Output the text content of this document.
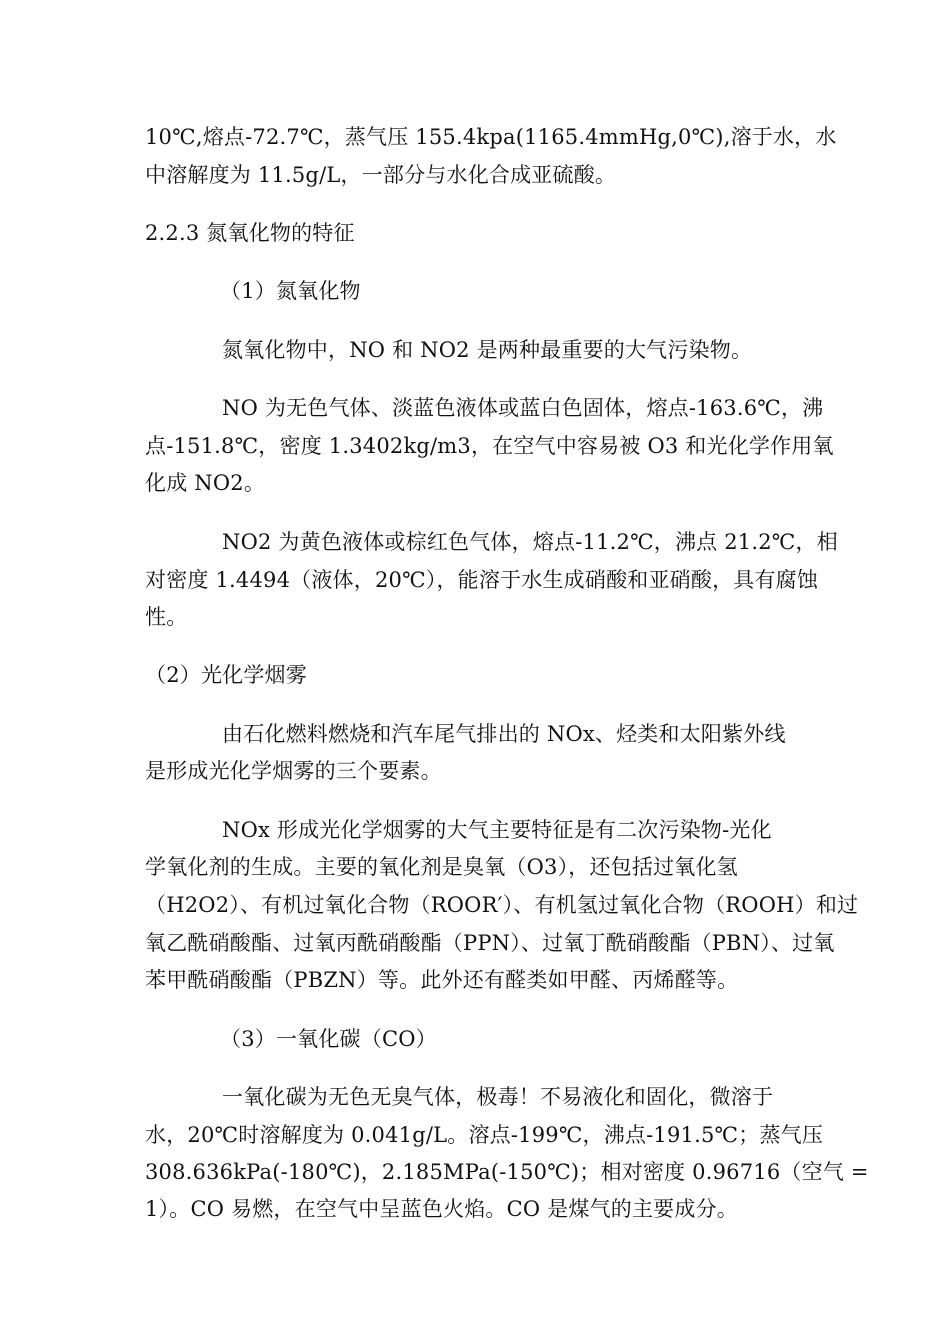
10℃,熔点-72.7℃，蒸气压 155.4kpa(1165.4mmHg,0℃),溶于水，水
中溶解度为 11.5g/L，一部分与水化合成亚硫酸。
2.2.3 氮氧化物的特征
（1）氮氧化物
氮氧化物中，NO 和 NO2 是两种最重要的大气污染物。
NO 为无色气体、淡蓝色液体或蓝白色固体，熔点-163.6℃，沸
点-151.8℃，密度 1.3402kg/m3，在空气中容易被 O3 和光化学作用氧
化成 NO2。
NO2 为黄色液体或棕红色气体，熔点-11.2℃，沸点 21.2℃，相
对密度 1.4494（液体，20℃），能溶于水生成硝酸和亚硝酸，具有腐蚀
性。
（2）光化学烟雾
由石化燃料燃烧和汽车尾气排出的 NOx、烃类和太阳紫外线
是形成光化学烟雾的三个要素。
NOx 形成光化学烟雾的大气主要特征是有二次污染物-光化
学氧化剂的生成。主要的氧化剂是臭氧（O3），还包括过氧化氢
（H2O2）、有机过氧化合物（ROOR′）、有机氢过氧化合物（ROOH）和过
氧乙酰硝酸酯、过氧丙酰硝酸酯（PPN）、过氧丁酰硝酸酯（PBN）、过氧
苯甲酰硝酸酯（PBZN）等。此外还有醛类如甲醛、丙烯醛等。
（3）一氧化碳（CO）
一氧化碳为无色无臭气体，极毒！不易液化和固化，微溶于
水，20℃时溶解度为 0.041g/L。溶点-199℃，沸点-191.5℃；蒸气压
308.636kPa(-180℃)，2.185MPa(-150℃)；相对密度 0.96716（空气 =
1）。CO 易燃，在空气中呈蓝色火焰。CO 是煤气的主要成分。
